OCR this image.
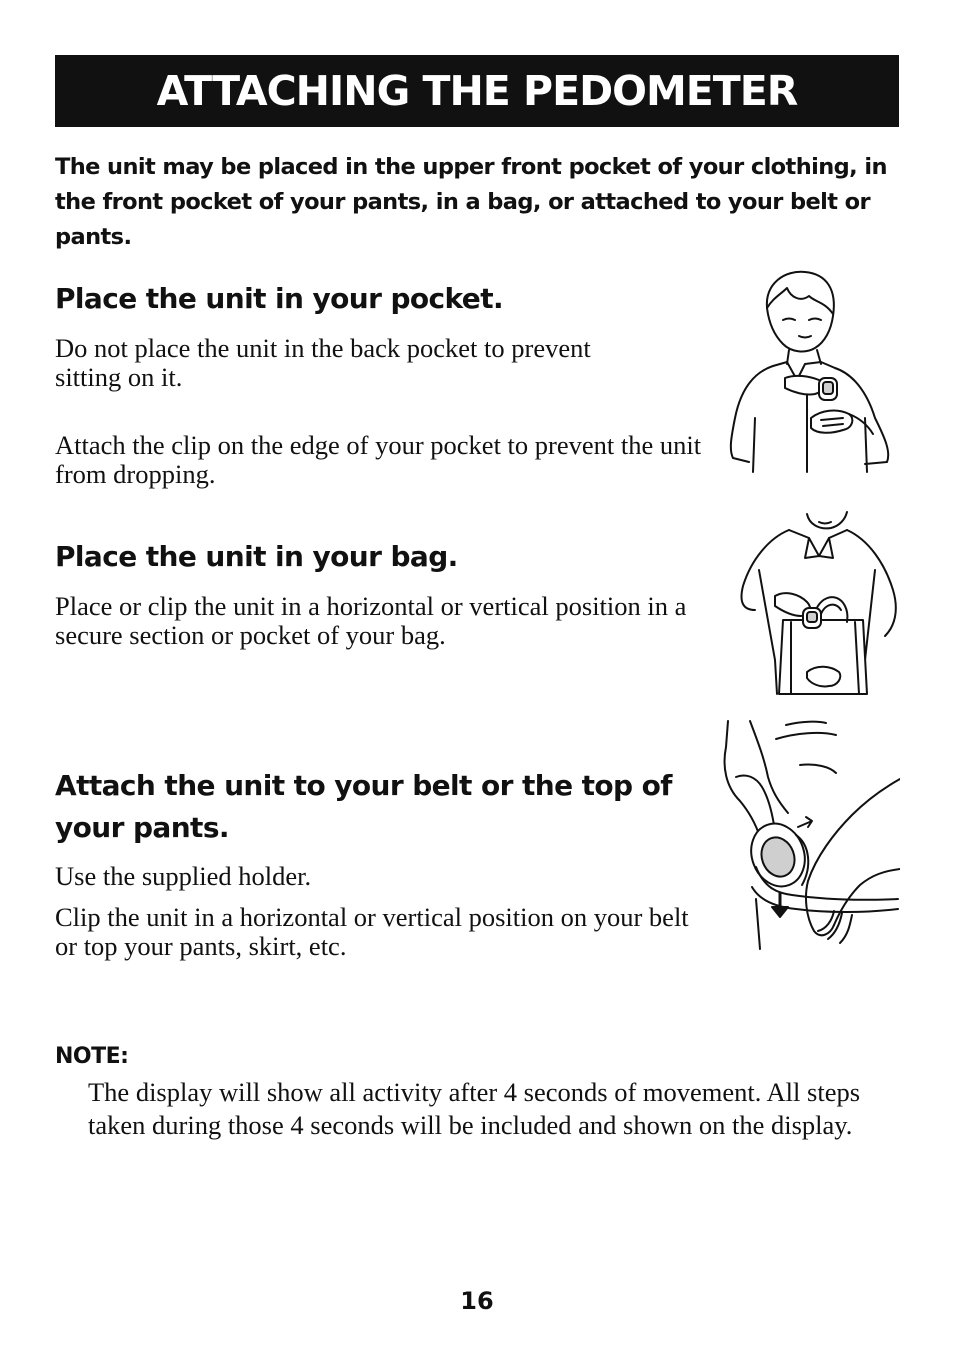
ATTACHING THE PEDOMETER
The unit may be placed in the upper front pocket of your clothing, in the front pocket of your pants, in a bag, or attached to your belt or pants.
Place the unit in your pocket.
Do not place the unit in the back pocket to prevent sitting on it.
Attach the clip on the edge of your pocket to prevent the unit from dropping.
Place the unit in your bag.
Place or clip the unit in a horizontal or vertical position in a secure section or pocket of your bag.
Attach the unit to your belt or the top of your pants.
Use the supplied holder.
Clip the unit in a horizontal or vertical position on your belt or top your pants, skirt, etc.
NOTE:
The display will show all activity after 4 seconds of movement. All steps taken during those 4 seconds will be included and shown on the display.
16
